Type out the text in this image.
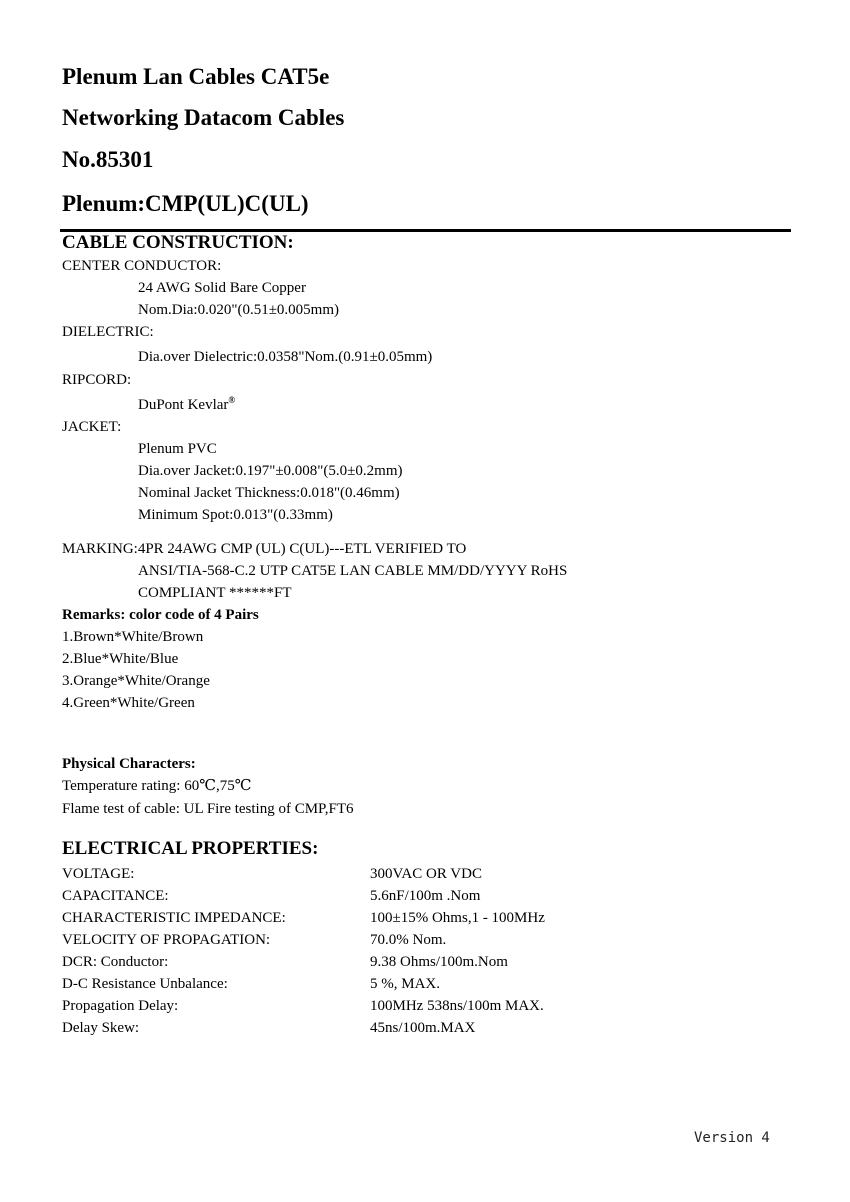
Plenum Lan Cables CAT5e
Networking Datacom Cables
No.85301
Plenum:CMP(UL)C(UL)
CABLE CONSTRUCTION:
CENTER CONDUCTOR:
24 AWG Solid Bare Copper
Nom.Dia:0.020"(0.51±0.005mm)
DIELECTRIC:
Dia.over Dielectric:0.0358"Nom.(0.91±0.05mm)
RIPCORD:
DuPont Kevlar®
JACKET:
Plenum PVC
Dia.over Jacket:0.197"±0.008"(5.0±0.2mm)
Nominal Jacket Thickness:0.018"(0.46mm)
Minimum Spot:0.013"(0.33mm)
MARKING:4PR 24AWG CMP (UL) C(UL)---ETL VERIFIED TO
ANSI/TIA-568-C.2 UTP CAT5E LAN CABLE MM/DD/YYYY RoHS
COMPLIANT ******FT
Remarks: color code of 4 Pairs
1.Brown*White/Brown
2.Blue*White/Blue
3.Orange*White/Orange
4.Green*White/Green
Physical Characters:
Temperature rating: 60℃,75℃
Flame test of cable: UL Fire testing of CMP,FT6
ELECTRICAL PROPERTIES:
VOLTAGE:	300VAC OR VDC
CAPACITANCE:	5.6nF/100m .Nom
CHARACTERISTIC IMPEDANCE:	100±15% Ohms,1 - 100MHz
VELOCITY OF PROPAGATION:	70.0% Nom.
DCR: Conductor:	9.38 Ohms/100m.Nom
D-C Resistance Unbalance:	5 %, MAX.
Propagation Delay:	100MHz 538ns/100m MAX.
Delay Skew:	45ns/100m.MAX
Version 4
